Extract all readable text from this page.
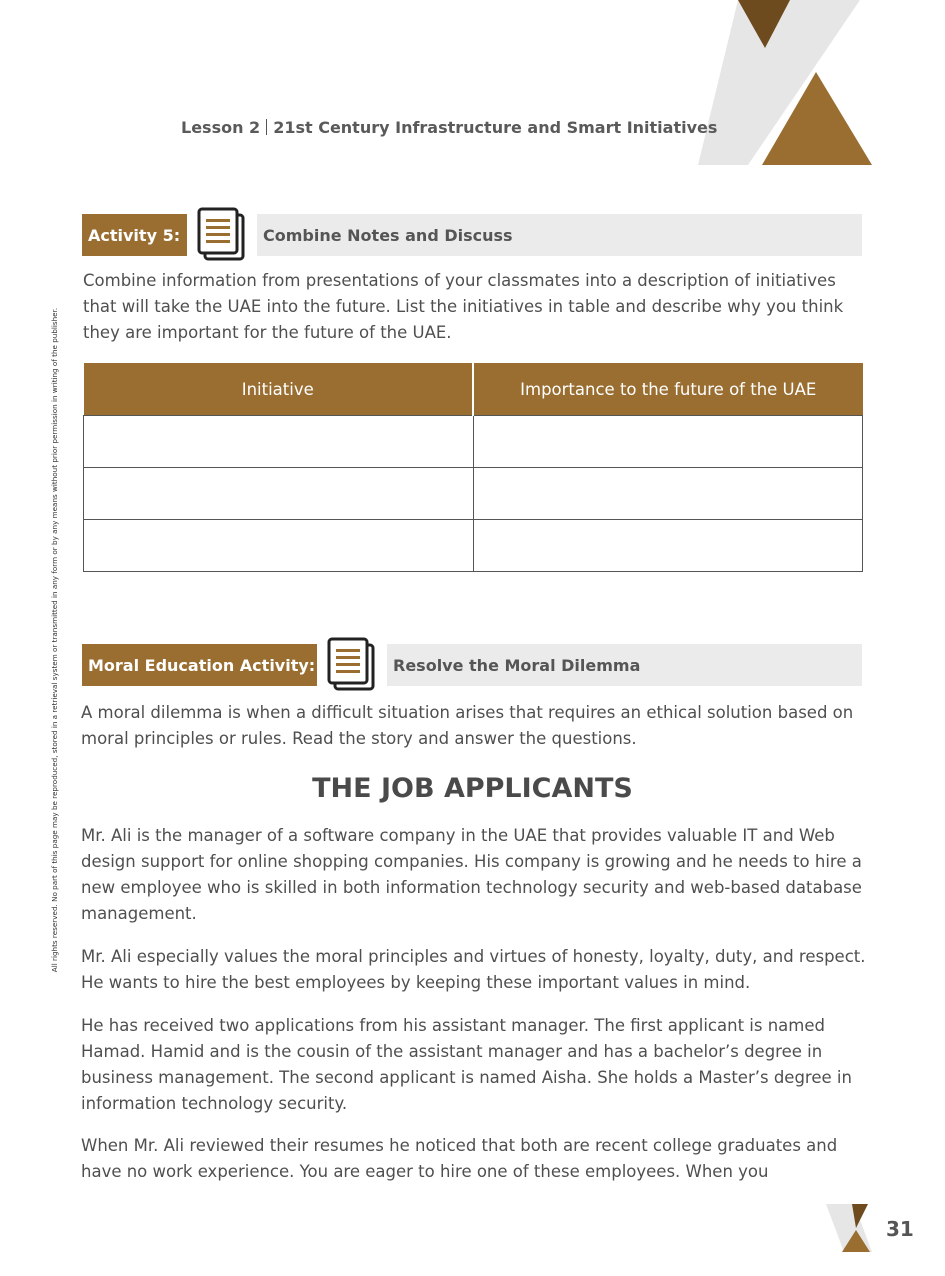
Lesson 2 21st Century Infrastructure and Smart Initiatives
All rights reserved. No part of this page may be reproduced, stored in a retrieval system or transmitted in any form or by any means without prior permission in writing of the publisher.
Activity 5:	Combine Notes and Discuss

Combine information from presentations of your classmates into a description of initiatives that will take the UAE into the future. List the initiatives in table and describe why you think they are important for the future of the UAE.

Initiative	Importance to the future of the UAE

Moral Education Activity:	Resolve the Moral Dilemma

A moral dilemma is when a difficult situation arises that requires an ethical solution based on moral principles or rules. Read the story and answer the questions.

THE JOB APPLICANTS

Mr. Ali is the manager of a software company in the UAE that provides valuable IT and Web design support for online shopping companies. His company is growing and he needs to hire a new employee who is skilled in both information technology security and web-based database management.

Mr. Ali especially values the moral principles and virtues of honesty, loyalty, duty, and respect. He wants to hire the best employees by keeping these important values in mind.

He has received two applications from his assistant manager. The first applicant is named Hamad. Hamid and is the cousin of the assistant manager and has a bachelor’s degree in business management. The second applicant is named Aisha. She holds a Master’s degree in information technology security.

When Mr. Ali reviewed their resumes he noticed that both are recent college graduates and have no work experience. You are eager to hire one of these employees. When you

31
